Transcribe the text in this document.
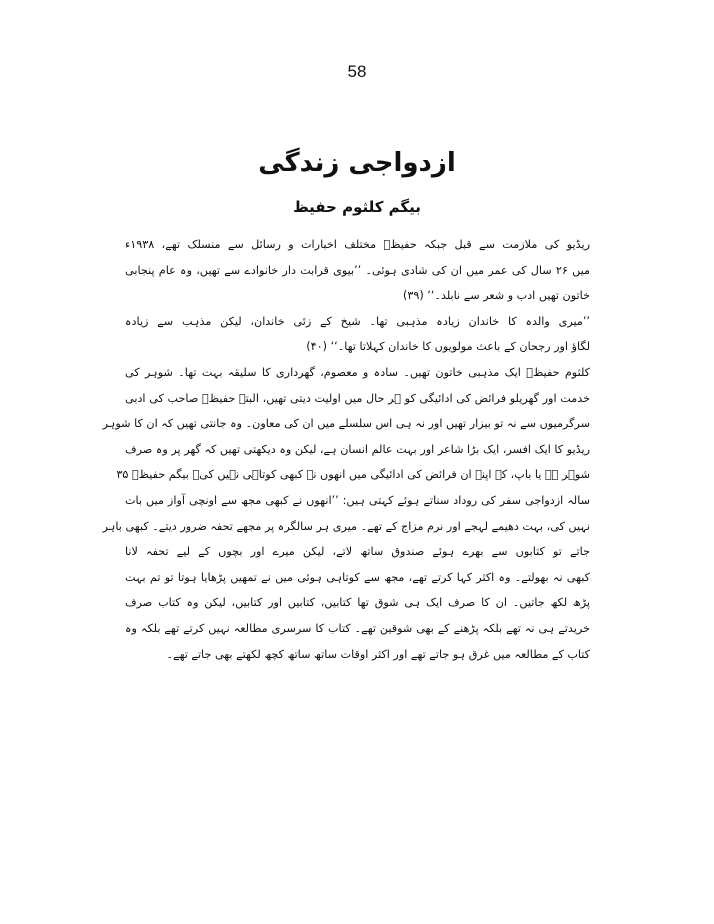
58
ازدواجی زندگی
بیگم کلثوم حفیظ
ریڈیو کی ملازمت سے قبل جبکہ حفیظؔ مختلف اخبارات و رسائل سے منسلک تھے، ۱۹۳۸ء
میں ۲۶ سال کی عمر میں ان کی شادی ہوئی۔ ’’بیوی قرابت دار خانوادے سے تھیں، وہ عام پنجابی
خاتون تھیں ادب و شعر سے نابلد۔‘‘ (۳۹)
’’میری والدہ کا خاندان زیادہ مذہبی تھا۔ شیخ کے زئی خاندان، لیکن مذہب سے زیادہ
لگاؤ اور رجحان کے باعث مولویوں کا خاندان کہلاتا تھا۔‘‘ (۴۰)
کلثوم حفیظؔ ایک مذہبی خاتون تھیں۔ سادہ و معصوم، گھرداری کا سلیقہ بہت تھا۔ شوہر کی
خدمت اور گھریلو فرائض کی ادائیگی کو ہر حال میں اولیت دیتی تھیں، البتہ حفیظؔ صاحب کی ادبی
سرگرمیوں سے نہ تو بیزار تھیں اور نہ ہی اس سلسلے میں ان کی معاون۔ وہ جانتی تھیں کہ ان کا شوہر
ریڈیو کا ایک افسر، ایک بڑا شاعر اور بہت عالم انسان ہے، لیکن وہ دیکھتی تھیں کہ گھر پر وہ صرف
شوہر ہے یا باپ، کہ اپنے ان فرائض کی ادائیگی میں انھوں نے کبھی کوتاہی نہیں کی۔ بیگم حفیظؔ ۳۵
سالہ ازدواجی سفر کی روداد سناتے ہوئے کہتی ہیں: ’’انھوں نے کبھی مجھ سے اونچی آواز میں بات
نہیں کی، بہت دھیمے لہجے اور نرم مزاج کے تھے۔ میری ہر سالگرہ پر مجھے تحفہ ضرور دیتے۔ کبھی باہر
جاتے تو کتابوں سے بھرے ہوئے صندوق ساتھ لاتے، لیکن میرے اور بچوں کے لیے تحفہ لانا
کبھی نہ بھولتے۔ وہ اکثر کہا کرتے تھے، مجھ سے کوتاہی ہوئی میں نے تمھیں پڑھایا ہوتا تو تم بہت
پڑھ لکھ جاتیں۔ ان کا صرف ایک ہی شوق تھا کتابیں، کتابیں اور کتابیں، لیکن وہ کتاب صرف
خریدتے ہی نہ تھے بلکہ پڑھنے کے بھی شوقین تھے۔ کتاب کا سرسری مطالعہ نہیں کرتے تھے بلکہ وہ
کتاب کے مطالعہ میں غرق ہو جاتے تھے اور اکثر اوقات ساتھ ساتھ کچھ لکھتے بھی جاتے تھے۔
